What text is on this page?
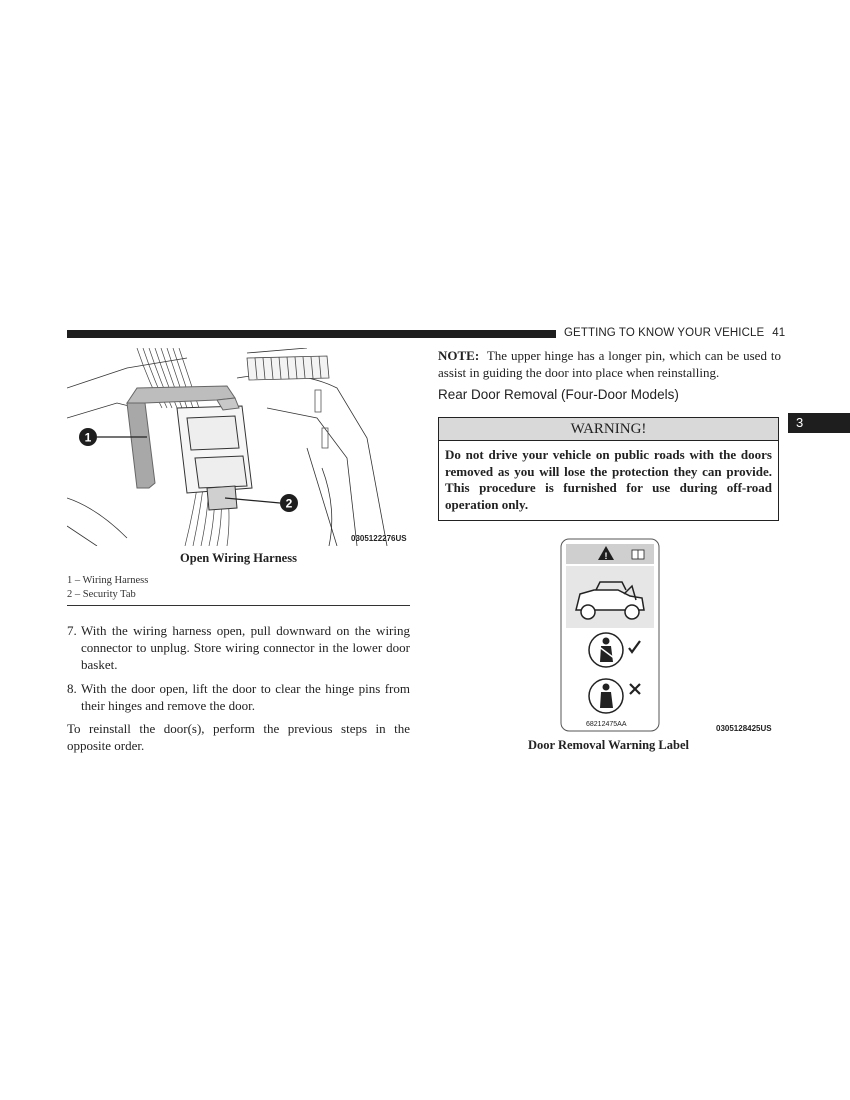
GETTING TO KNOW YOUR VEHICLE 41
3
1
2
0305122276US
Open Wiring Harness
1 – Wiring Harness
2 – Security Tab
7. With the wiring harness open, pull downward on the wiring connector to unplug. Store wiring connector in the lower door basket.
8. With the door open, lift the door to clear the hinge pins from their hinges and remove the door.
To reinstall the door(s), perform the previous steps in the opposite order.
NOTE: The upper hinge has a longer pin, which can be used to assist in guiding the door into place when reinstalling.
Rear Door Removal (Four-Door Models)
WARNING!
Do not drive your vehicle on public roads with the doors removed as you will lose the protection they can provide. This procedure is furnished for use during off-road operation only.
!
68212475AA	0305128425US
Door Removal Warning Label
